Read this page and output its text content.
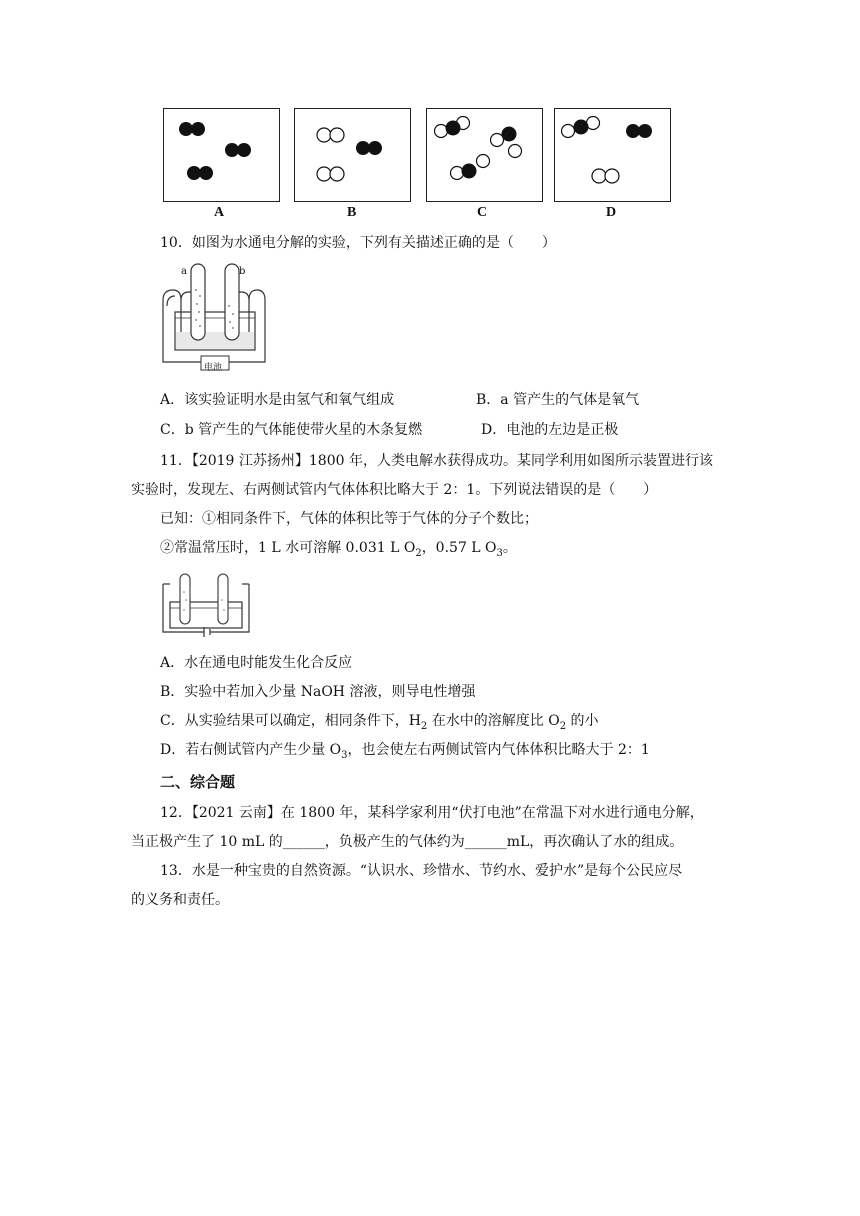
A	B	C	D
10．如图为水通电分解的实验，下列有关描述正确的是（　　）
a	b
电池
A．该实验证明水是由氢气和氧气组成	B．a 管产生的气体是氧气
C．b 管产生的气体能使带火星的木条复燃	D．电池的左边是正极
11．【2019 江苏扬州】1800 年，人类电解水获得成功。某同学利用如图所示装置进行该
实验时，发现左、右两侧试管内气体体积比略大于 2：1。下列说法错误的是（　　）
已知：①相同条件下，气体的体积比等于气体的分子个数比；
②常温常压时，1 L 水可溶解 0.031 L $O_2$，0.57 L $O_3$。
A．水在通电时能发生化合反应
B．实验中若加入少量 NaOH 溶液，则导电性增强
C．从实验结果可以确定，相同条件下，$H_2$ 在水中的溶解度比 $O_2$ 的小
D．若右侧试管内产生少量 $O_3$，也会使左右两侧试管内气体体积比略大于 2：1
二、综合题
12．【2021 云南】在 1800 年，某科学家利用“伏打电池”在常温下对水进行通电分解，
当正极产生了 10 mL 的______，负极产生的气体约为______mL，再次确认了水的组成。
13．水是一种宝贵的自然资源。“认识水、珍惜水、节约水、爱护水”是每个公民应尽
的义务和责任。
